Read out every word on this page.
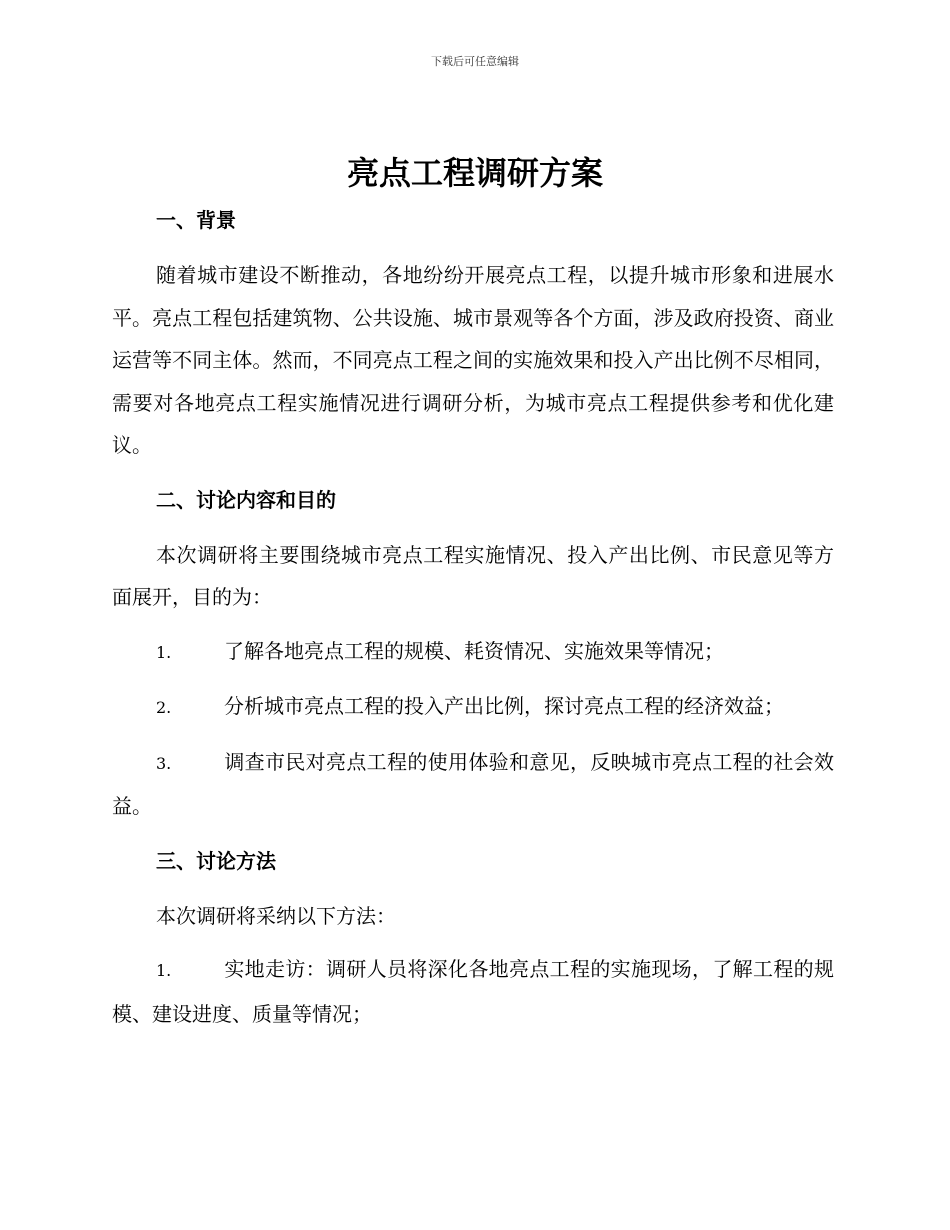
下载后可任意编辑
亮点工程调研方案
一、背景

随着城市建设不断推动，各地纷纷开展亮点工程，以提升城市形象和进展水平。亮点工程包括建筑物、公共设施、城市景观等各个方面，涉及政府投资、商业运营等不同主体。然而，不同亮点工程之间的实施效果和投入产出比例不尽相同，需要对各地亮点工程实施情况进行调研分析，为城市亮点工程提供参考和优化建议。

二、讨论内容和目的

本次调研将主要围绕城市亮点工程实施情况、投入产出比例、市民意见等方面展开，目的为：

1.	了解各地亮点工程的规模、耗资情况、实施效果等情况；

2.	分析城市亮点工程的投入产出比例，探讨亮点工程的经济效益；

3.	调查市民对亮点工程的使用体验和意见，反映城市亮点工程的社会效益。

三、讨论方法

本次调研将采纳以下方法：

1.	实地走访：调研人员将深化各地亮点工程的实施现场，了解工程的规模、建设进度、质量等情况；
